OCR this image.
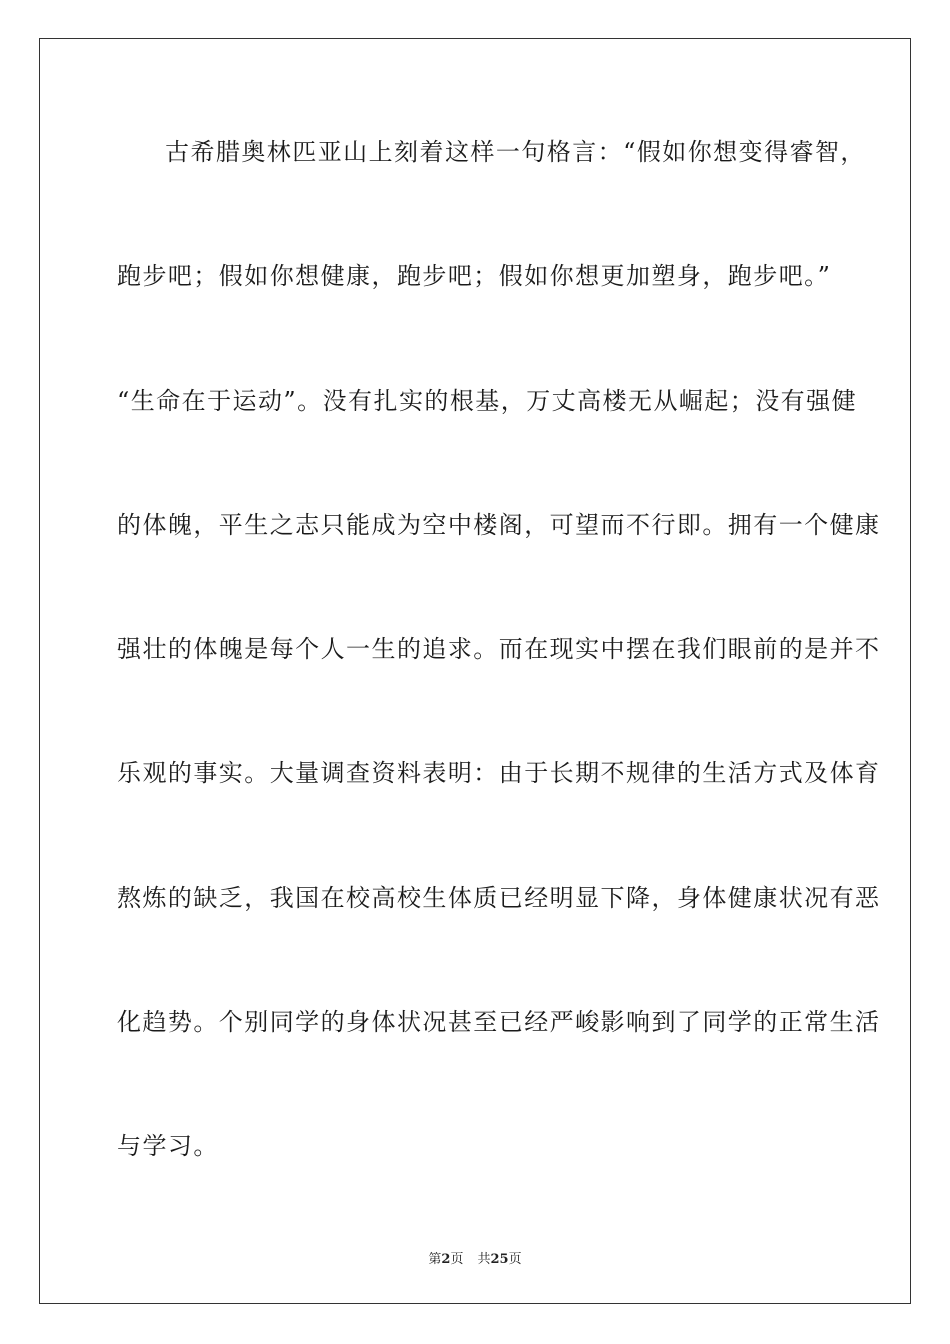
古希腊奥林匹亚山上刻着这样一句格言：“假如你想变得睿智，
跑步吧；假如你想健康，跑步吧；假如你想更加塑身，跑步吧。”
“生命在于运动”。没有扎实的根基，万丈高楼无从崛起；没有强健
的体魄，平生之志只能成为空中楼阁，可望而不行即。拥有一个健康
强壮的体魄是每个人一生的追求。而在现实中摆在我们眼前的是并不
乐观的事实。大量调查资料表明：由于长期不规律的生活方式及体育
熬炼的缺乏，我国在校高校生体质已经明显下降，身体健康状况有恶
化趋势。个别同学的身体状况甚至已经严峻影响到了同学的正常生活
与学习。
第2页 共25页
